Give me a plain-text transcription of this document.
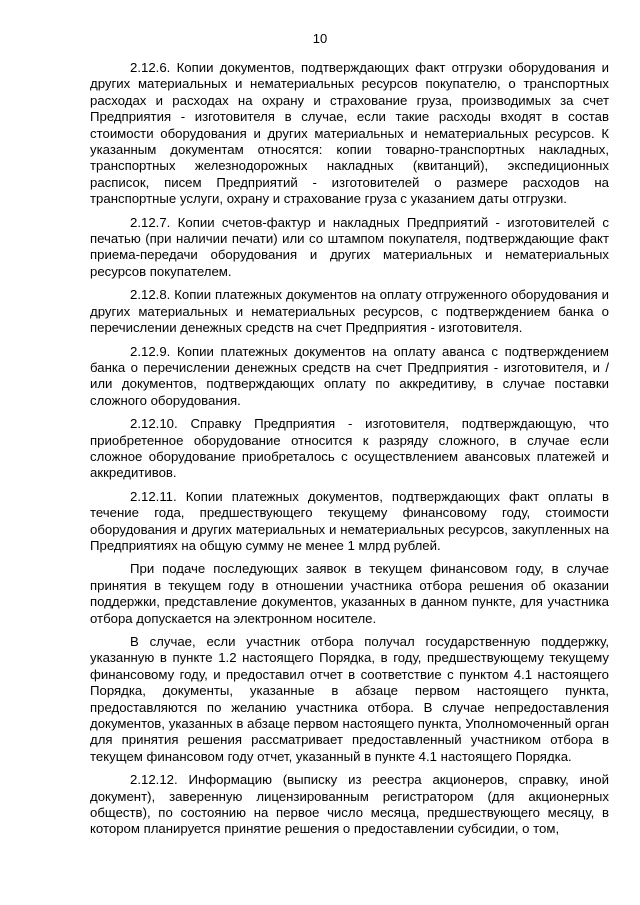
10

2.12.6. Копии документов, подтверждающих факт отгрузки оборудования и других материальных и нематериальных ресурсов покупателю, о транспортных расходах и расходах на охрану и страхование груза, производимых за счет Предприятия - изготовителя в случае, если такие расходы входят в состав стоимости оборудования и других материальных и нематериальных ресурсов. К указанным документам относятся: копии товарно-транспортных накладных, транспортных железнодорожных накладных (квитанций), экспедиционных расписок, писем Предприятий - изготовителей о размере расходов на транспортные услуги, охрану и страхование груза с указанием даты отгрузки.

2.12.7. Копии счетов-фактур и накладных Предприятий - изготовителей с печатью (при наличии печати) или со штампом покупателя, подтверждающие факт приема-передачи оборудования и других материальных и нематериальных ресурсов покупателем.

2.12.8. Копии платежных документов на оплату отгруженного оборудования и других материальных и нематериальных ресурсов, с подтверждением банка о перечислении денежных средств на счет Предприятия - изготовителя.

2.12.9. Копии платежных документов на оплату аванса с подтверждением банка о перечислении денежных средств на счет Предприятия - изготовителя, и / или документов, подтверждающих оплату по аккредитиву, в случае поставки сложного оборудования.

2.12.10. Справку Предприятия - изготовителя, подтверждающую, что приобретенное оборудование относится к разряду сложного, в случае если сложное оборудование приобреталось с осуществлением авансовых платежей и аккредитивов.

2.12.11. Копии платежных документов, подтверждающих факт оплаты в течение года, предшествующего текущему финансовому году, стоимости оборудования и других материальных и нематериальных ресурсов, закупленных на Предприятиях на общую сумму не менее 1 млрд рублей.

При подаче последующих заявок в текущем финансовом году, в случае принятия в текущем году в отношении участника отбора решения об оказании поддержки, представление документов, указанных в данном пункте, для участника отбора допускается на электронном носителе.

В случае, если участник отбора получал государственную поддержку, указанную в пункте 1.2 настоящего Порядка, в году, предшествующему текущему финансовому году, и предоставил отчет в соответствие с пунктом 4.1 настоящего Порядка, документы, указанные в абзаце первом настоящего пункта, предоставляются по желанию участника отбора. В случае непредоставления документов, указанных в абзаце первом настоящего пункта, Уполномоченный орган для принятия решения рассматривает предоставленный участником отбора в текущем финансовом году отчет, указанный в пункте 4.1 настоящего Порядка.

2.12.12. Информацию (выписку из реестра акционеров, справку, иной документ), заверенную лицензированным регистратором (для акционерных обществ), по состоянию на первое число месяца, предшествующего месяцу, в котором планируется принятие решения о предоставлении субсидии, о том,
